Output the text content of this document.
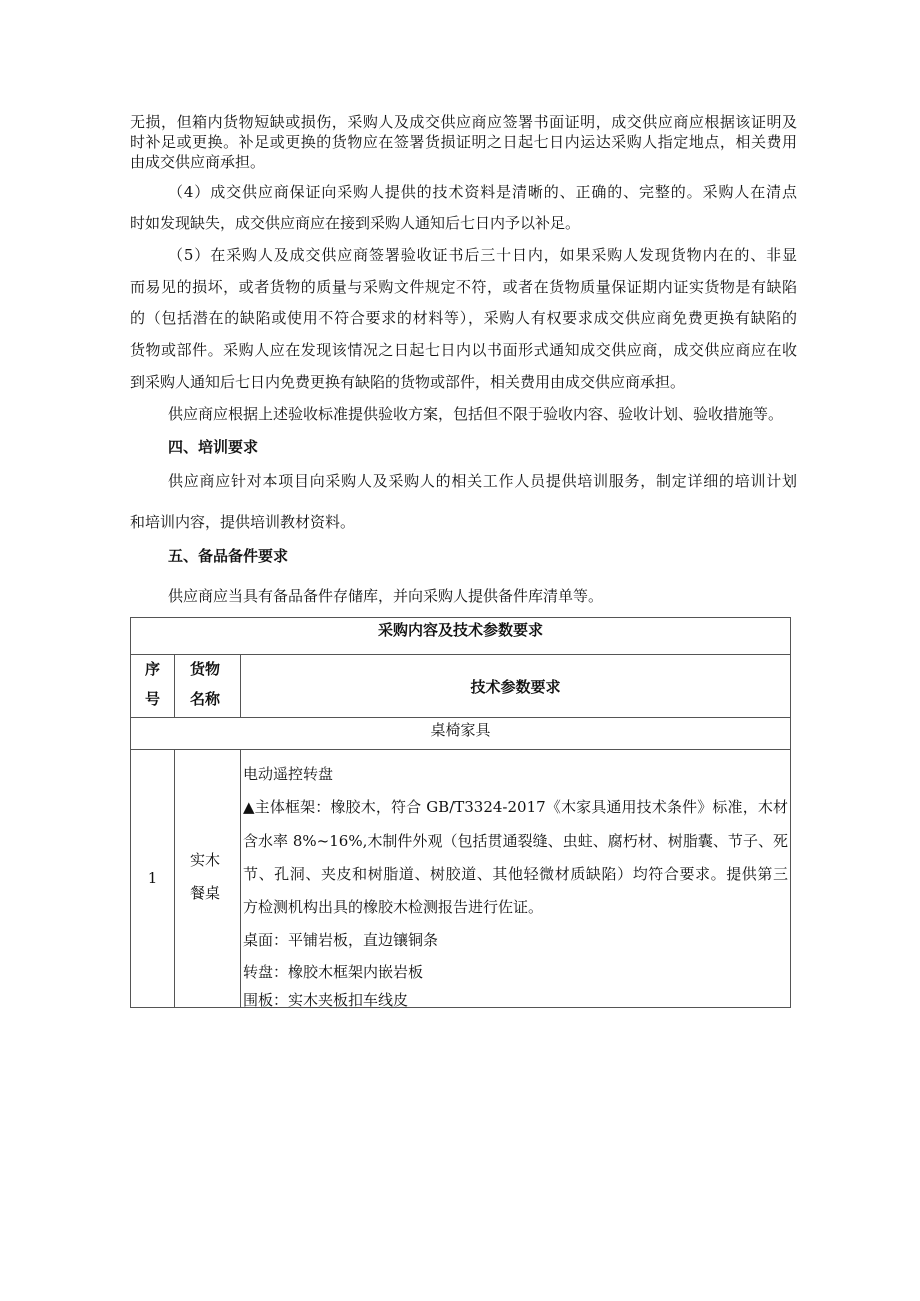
无损，但箱内货物短缺或损伤，采购人及成交供应商应签署书面证明，成交供应商应根据该证明及
时补足或更换。补足或更换的货物应在签署货损证明之日起七日内运达采购人指定地点，相关费用
由成交供应商承担。
（4）成交供应商保证向采购人提供的技术资料是清晰的、正确的、完整的。采购人在清点
时如发现缺失，成交供应商应在接到采购人通知后七日内予以补足。
（5）在采购人及成交供应商签署验收证书后三十日内，如果采购人发现货物内在的、非显
而易见的损坏，或者货物的质量与采购文件规定不符，或者在货物质量保证期内证实货物是有缺陷
的（包括潜在的缺陷或使用不符合要求的材料等），采购人有权要求成交供应商免费更换有缺陷的
货物或部件。采购人应在发现该情况之日起七日内以书面形式通知成交供应商，成交供应商应在收
到采购人通知后七日内免费更换有缺陷的货物或部件，相关费用由成交供应商承担。
供应商应根据上述验收标准提供验收方案，包括但不限于验收内容、验收计划、验收措施等。
四、培训要求
供应商应针对本项目向采购人及采购人的相关工作人员提供培训服务，制定详细的培训计划
和培训内容，提供培训教材资料。
五、备品备件要求
供应商应当具有备品备件存储库，并向采购人提供备件库清单等。
采购内容及技术参数要求
序
号
货物
名称
技术参数要求
桌椅家具
1
实木
餐桌
电动遥控转盘
▲主体框架：橡胶木，符合 GB/T3324-2017《木家具通用技术条件》标准，木材
含水率 8%~16%,木制件外观（包括贯通裂缝、虫蛀、腐朽材、树脂囊、节子、死
节、孔洞、夹皮和树脂道、树胶道、其他轻微材质缺陷）均符合要求。提供第三
方检测机构出具的橡胶木检测报告进行佐证。
桌面：平铺岩板，直边镶铜条
转盘：橡胶木框架内嵌岩板
围板：实木夹板扣车线皮
